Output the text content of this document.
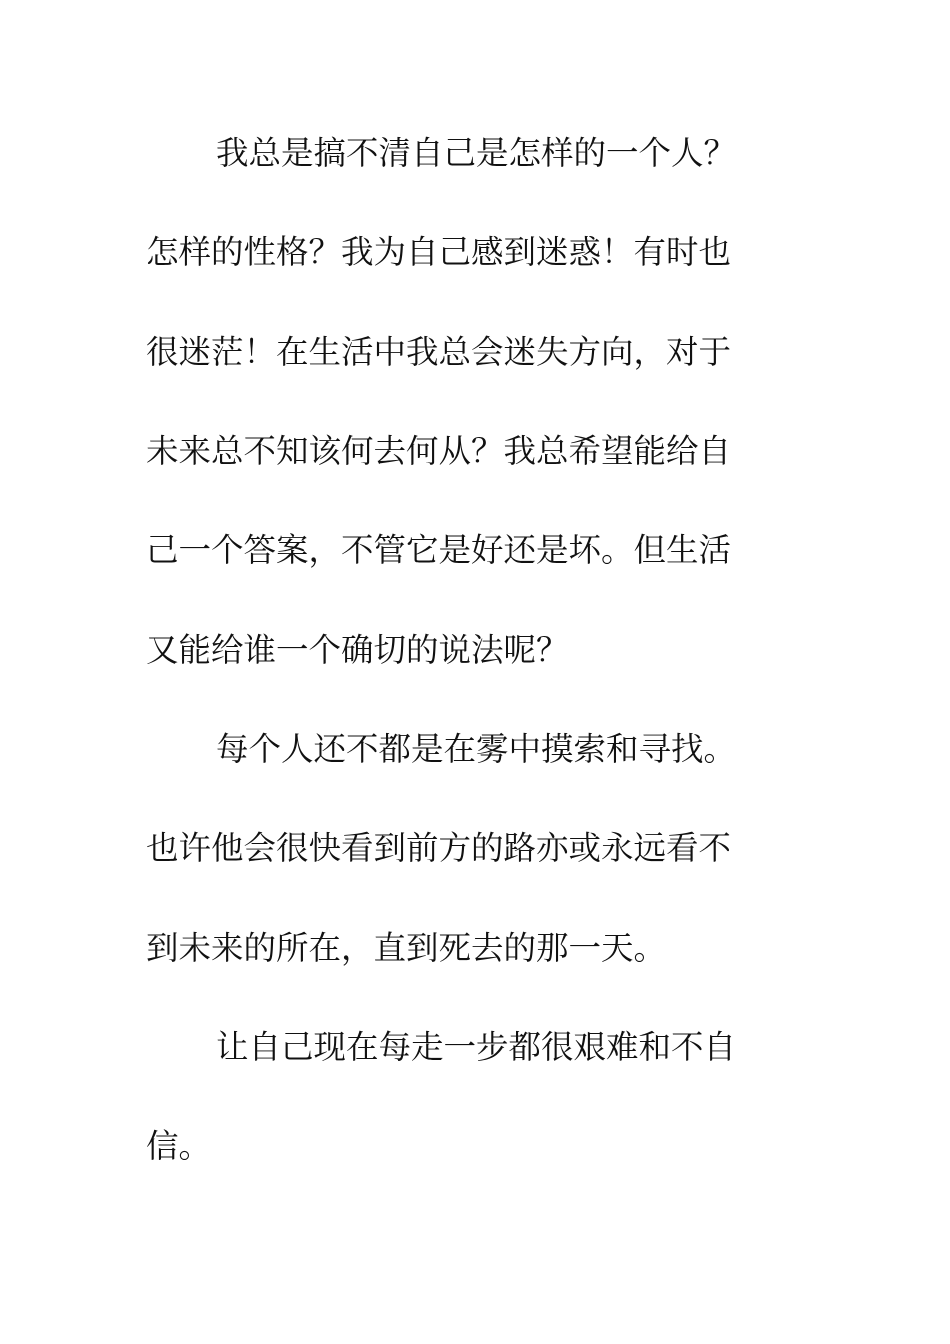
我总是搞不清自己是怎样的一个人？
怎样的性格？我为自己感到迷惑！有时也
很迷茫！在生活中我总会迷失方向，对于
未来总不知该何去何从？我总希望能给自
己一个答案，不管它是好还是坏。但生活
又能给谁一个确切的说法呢？
每个人还不都是在雾中摸索和寻找。
也许他会很快看到前方的路亦或永远看不
到未来的所在，直到死去的那一天。
让自己现在每走一步都很艰难和不自
信。
